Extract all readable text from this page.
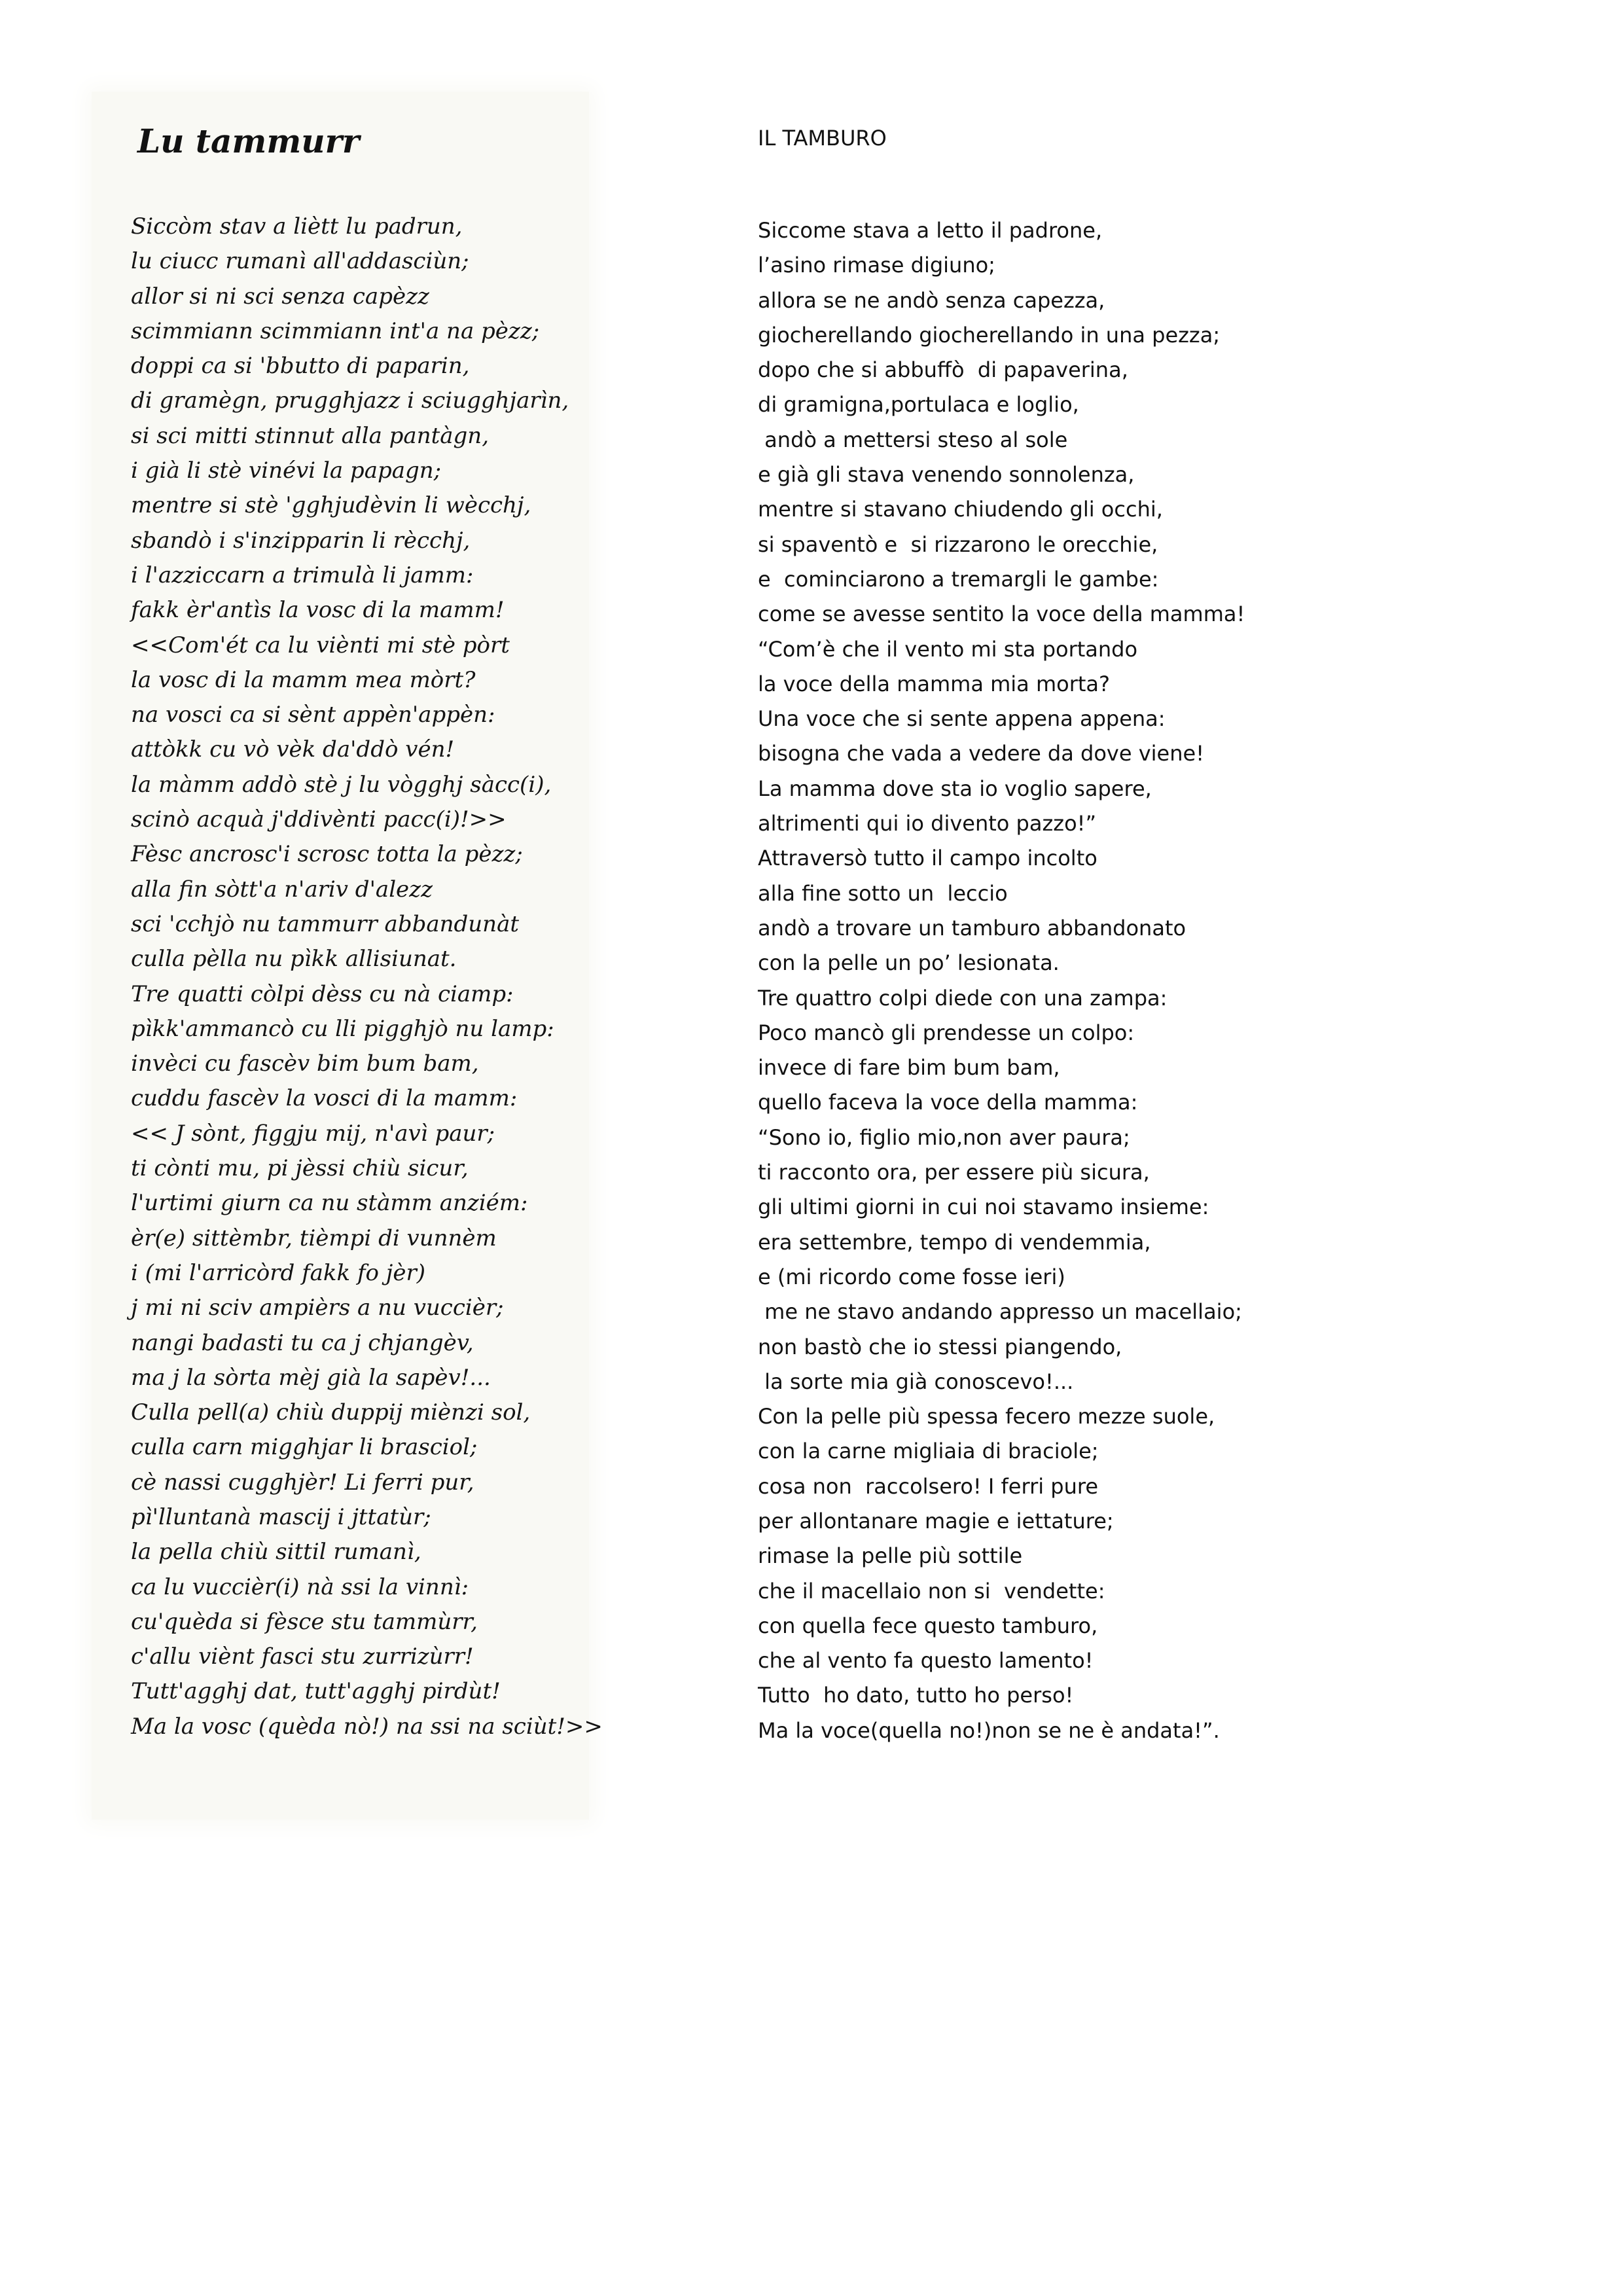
Lu tammurr
Siccòm stav a liètt lu padrun,
lu ciucc rumanì all'addasciùn;
allor si ni sci senza capèzz
scimmiann scimmiann int'a na pèzz;
doppi ca si 'bbutto di paparin,
di gramègn, prugghjazz i sciugghjarìn,
si sci mitti stinnut alla pantàgn,
i già li stè vinévi la papagn;
mentre si stè 'gghjudèvin li wècchj,
sbandò i s'inzipparin li rècchj,
i l'azziccarn a trimulà li jamm:
fakk èr'antìs la vosc di la mamm!
<<Com'ét ca lu viènti mi stè pòrt
la vosc di la mamm mea mòrt?
na vosci ca si sènt appèn'appèn:
attòkk cu vò vèk da'ddò vén!
la màmm addò stè j lu vògghj sàcc(i),
scinò acquà j'ddivènti pacc(i)!>>
Fèsc ancrosc'i scrosc totta la pèzz;
alla fin sòtt'a n'ariv d'alezz
sci 'cchjò nu tammurr abbandunàt
culla pèlla nu pìkk allisiunat.
Tre quatti còlpi dèss cu nà ciamp:
pìkk'ammancò cu lli pigghjò nu lamp:
invèci cu fascèv bim bum bam,
cuddu fascèv la vosci di la mamm:
<< J sònt, figgju mij, n'avì paur;
ti cònti mu, pi jèssi chiù sicur,
l'urtimi giurn ca nu stàmm anziém:
èr(e) sittèmbr, tièmpi di vunnèm
i (mi l'arricòrd fakk fo jèr)
j mi ni sciv ampièrs a nu vuccièr;
nangi badasti tu ca j chjangèv,
ma j la sòrta mèj già la sapèv!...
Culla pell(a) chiù duppij miènzi sol,
culla carn migghjar li brasciol;
cè nassi cugghjèr! Li ferri pur,
pì'lluntanà mascij i jttatùr;
la pella chiù sittil rumanì,
ca lu vuccièr(i) nà ssi la vinnì:
cu'quèda si fèsce stu tammùrr,
c'allu viènt fasci stu zurrizùrr!
Tutt'agghj dat, tutt'agghj pirdùt!
Ma la vosc (quèda nò!) na ssi na sciùt!>>
IL TAMBURO
Siccome stava a letto il padrone,
l’asino rimase digiuno;
allora se ne andò senza capezza,
giocherellando giocherellando in una pezza;
dopo che si abbuffò  di papaverina,
di gramigna,portulaca e loglio,
andò a mettersi steso al sole
e già gli stava venendo sonnolenza,
mentre si stavano chiudendo gli occhi,
si spaventò e  si rizzarono le orecchie,
e  cominciarono a tremargli le gambe:
come se avesse sentito la voce della mamma!
“Com’è che il vento mi sta portando
la voce della mamma mia morta?
Una voce che si sente appena appena:
bisogna che vada a vedere da dove viene!
La mamma dove sta io voglio sapere,
altrimenti qui io divento pazzo!”
Attraversò tutto il campo incolto
alla fine sotto un  leccio
andò a trovare un tamburo abbandonato
con la pelle un po’ lesionata.
Tre quattro colpi diede con una zampa:
Poco mancò gli prendesse un colpo:
invece di fare bim bum bam,
quello faceva la voce della mamma:
“Sono io, figlio mio,non aver paura;
ti racconto ora, per essere più sicura,
gli ultimi giorni in cui noi stavamo insieme:
era settembre, tempo di vendemmia,
e (mi ricordo come fosse ieri)
me ne stavo andando appresso un macellaio;
non bastò che io stessi piangendo,
la sorte mia già conoscevo!...
Con la pelle più spessa fecero mezze suole,
con la carne migliaia di braciole;
cosa non  raccolsero! I ferri pure
per allontanare magie e iettature;
rimase la pelle più sottile
che il macellaio non si  vendette:
con quella fece questo tamburo,
che al vento fa questo lamento!
Tutto  ho dato, tutto ho perso!
Ma la voce(quella no!)non se ne è andata!”.
